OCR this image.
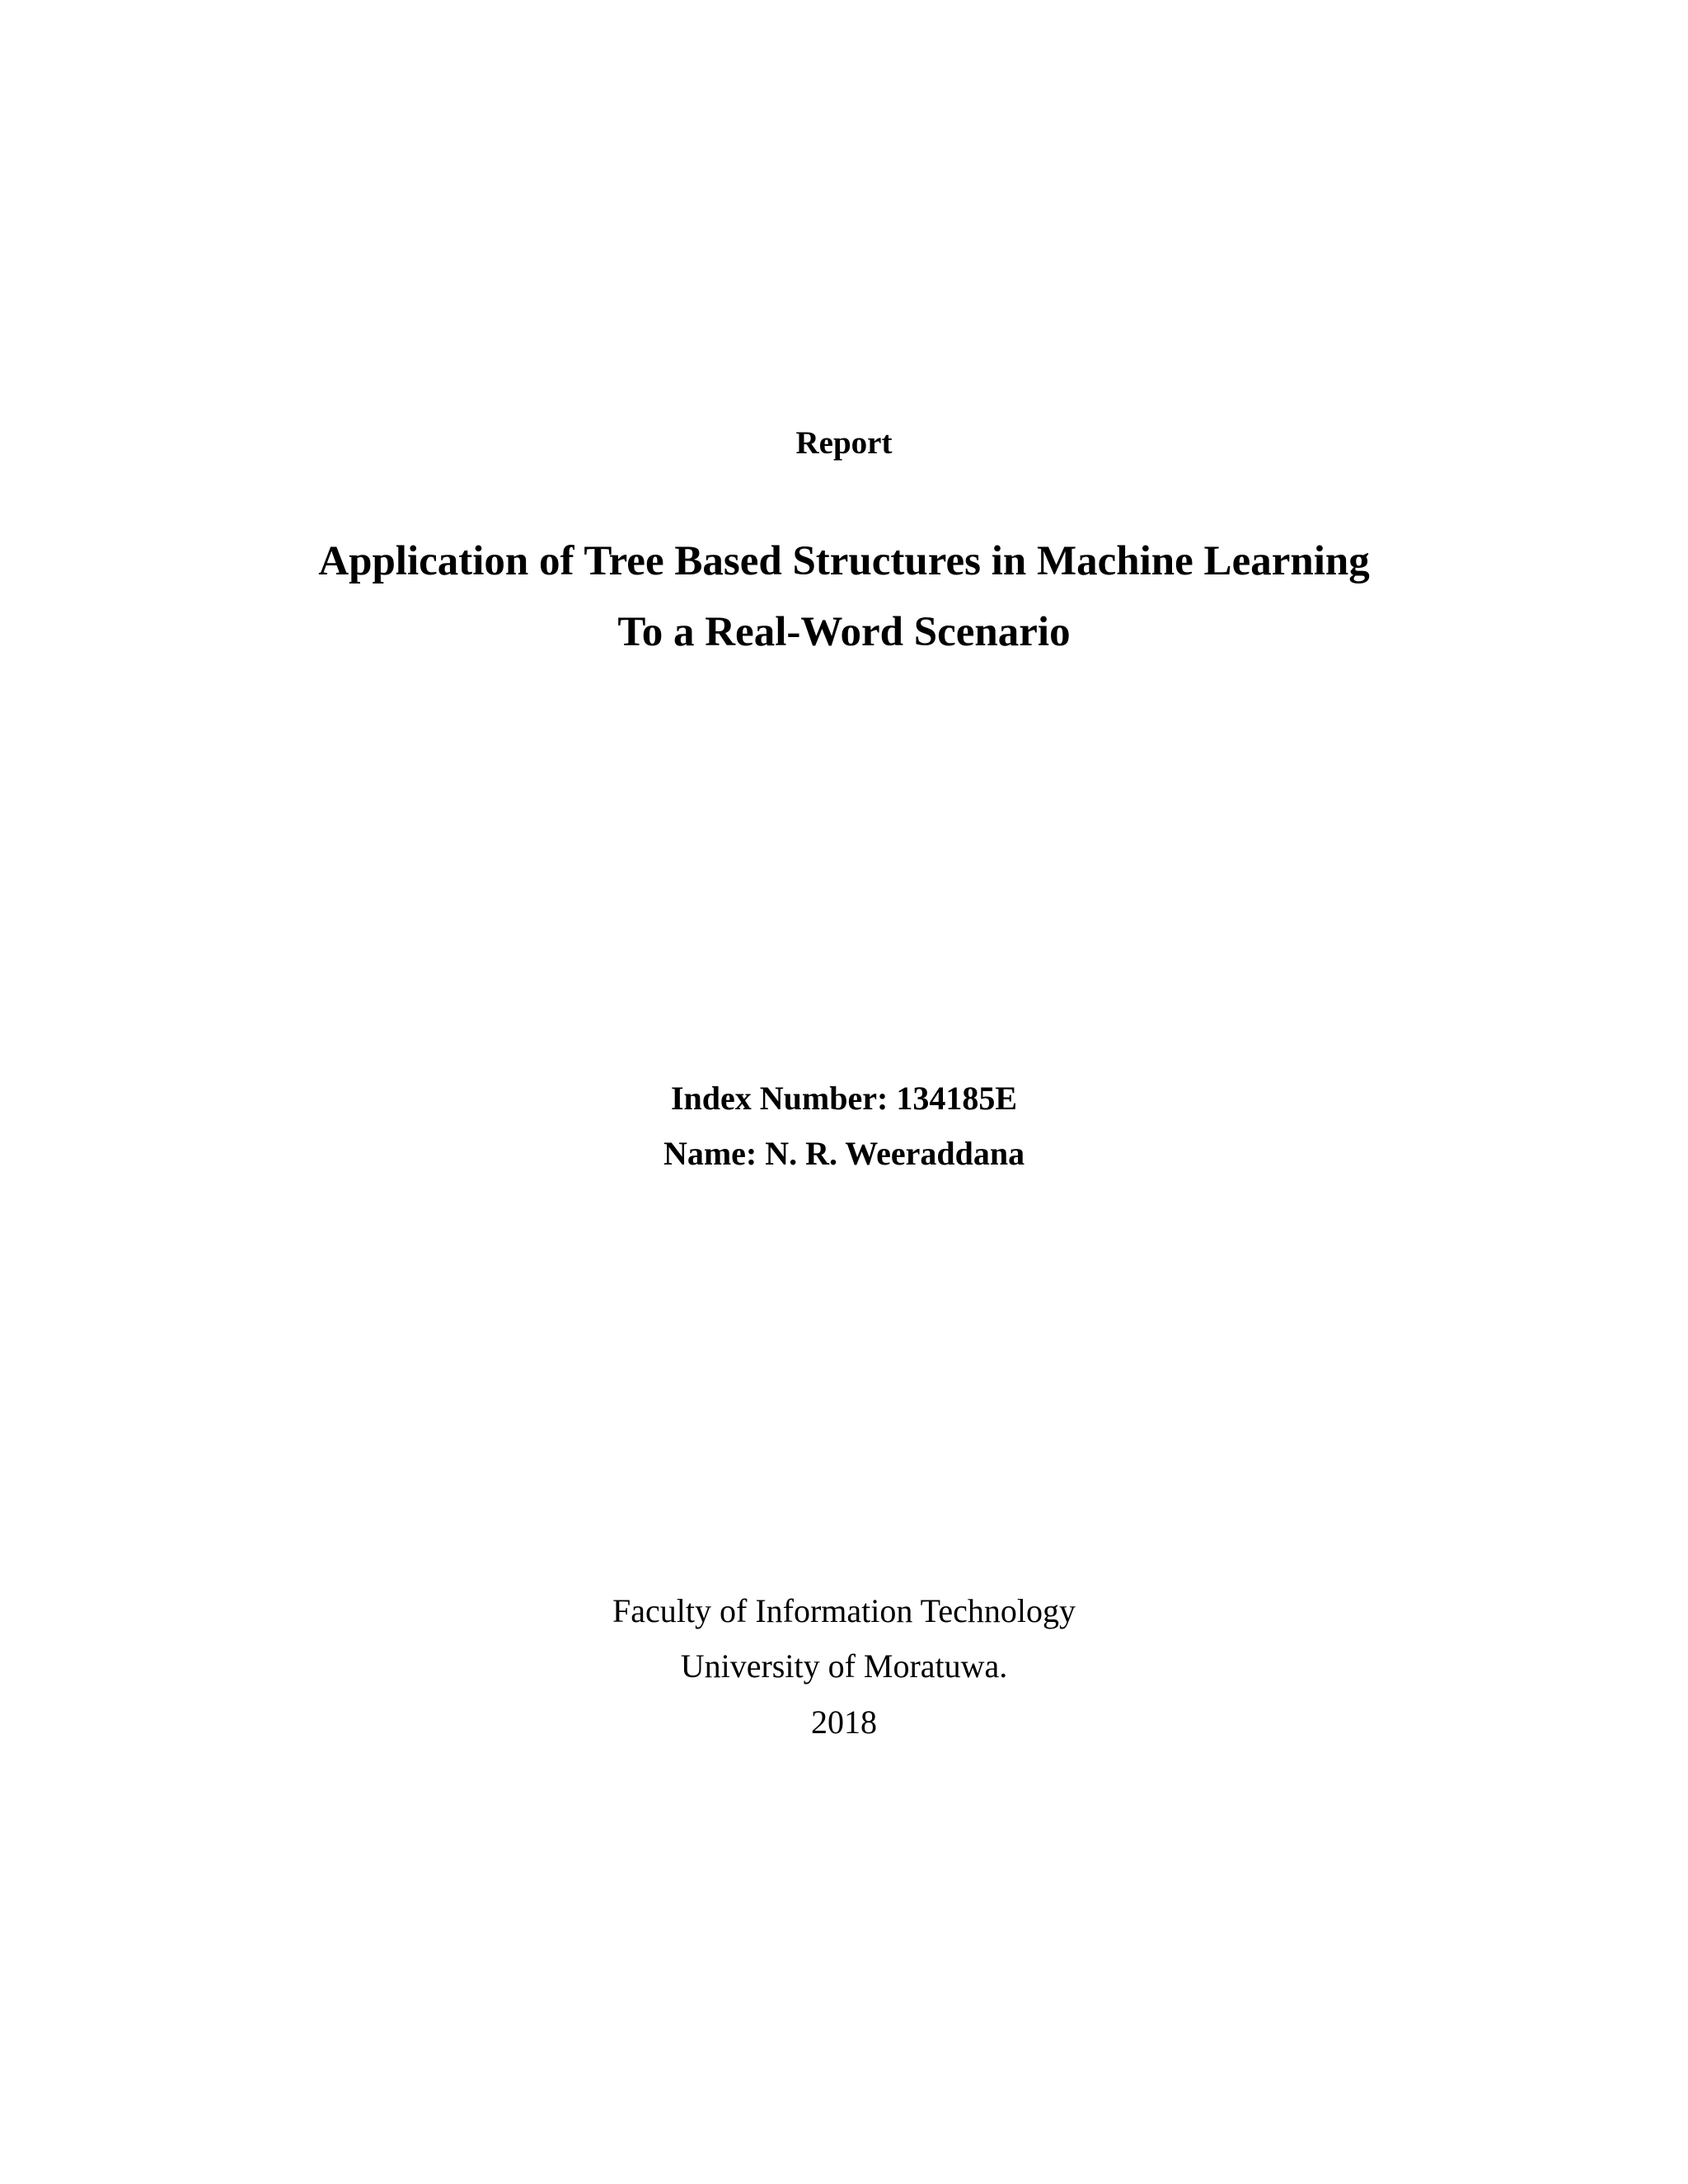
Report
Application of Tree Based Structures in Machine Learning
To a Real-Word Scenario
Index Number: 134185E
Name: N. R. Weeraddana
Faculty of Information Technology
University of Moratuwa.
2018
